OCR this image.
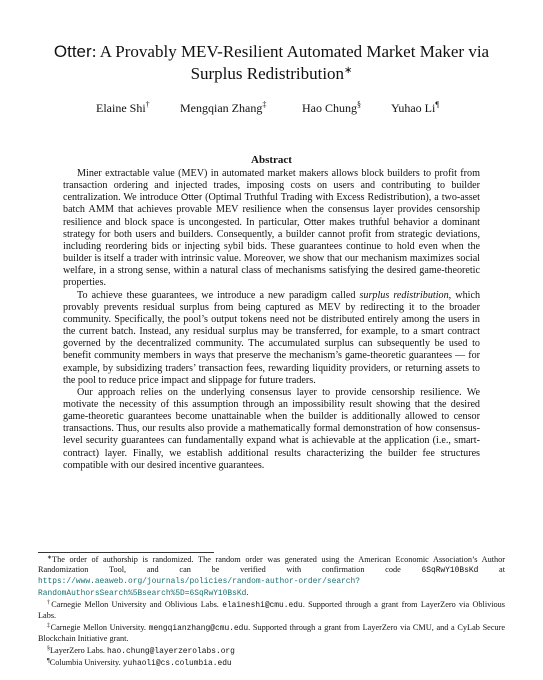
Otter: A Provably MEV-Resilient Automated Market Maker via
Surplus Redistribution∗
Elaine Shi†	Mengqian Zhang‡	Hao Chung§	Yuhao Li¶
Abstract

Miner extractable value (MEV) in automated market makers allows block builders to profit from transaction ordering and injected trades, imposing costs on users and contributing to builder centralization. We introduce Otter (Optimal Truthful Trading with Excess Redistribution), a two-asset batch AMM that achieves provable MEV resilience when the consensus layer provides censorship resilience and block space is uncongested. In particular, Otter makes truthful behavior a dominant strategy for both users and builders. Consequently, a builder cannot profit from strategic deviations, including reordering bids or injecting sybil bids. These guarantees continue to hold even when the builder is itself a trader with intrinsic value. Moreover, we show that our mechanism maximizes social welfare, in a strong sense, within a natural class of mechanisms satisfying the desired game-theoretic properties.

To achieve these guarantees, we introduce a new paradigm called surplus redistribution, which provably prevents residual surplus from being captured as MEV by redirecting it to the broader community. Specifically, the pool’s output tokens need not be distributed entirely among the users in the current batch. Instead, any residual surplus may be transferred, for example, to a smart contract governed by the decentralized community. The accumulated surplus can subsequently be used to benefit community members in ways that preserve the mechanism’s game-theoretic guarantees — for example, by subsidizing traders’ transaction fees, rewarding liquidity providers, or returning assets to the pool to reduce price impact and slippage for future traders.

Our approach relies on the underlying consensus layer to provide censorship resilience. We motivate the necessity of this assumption through an impossibility result showing that the desired game-theoretic guarantees become unattainable when the builder is additionally allowed to censor transactions. Thus, our results also provide a mathematically formal demonstration of how consensus-level security guarantees can fundamentally expand what is achievable at the application (i.e., smart-contract) layer. Finally, we establish additional results characterizing the builder fee structures compatible with our desired incentive guarantees.

∗The order of authorship is randomized. The random order was generated using the American Economic Association’s Author Randomization Tool, and can be verified with confirmation code 6SqRwY10BsKd at https://www.aeaweb.org/journals/policies/random-author-order/search?RandomAuthorsSearch%5Bsearch%5D=6SqRwY10BsKd.

†Carnegie Mellon University and Oblivious Labs. elaineshi@cmu.edu. Supported through a grant from LayerZero via Oblivious Labs.

‡Carnegie Mellon University. mengqianzhang@cmu.edu. Supported through a grant from LayerZero via CMU, and a CyLab Secure Blockchain Initiative grant.

§LayerZero Labs. hao.chung@layerzerolabs.org

¶Columbia University. yuhaoli@cs.columbia.edu
